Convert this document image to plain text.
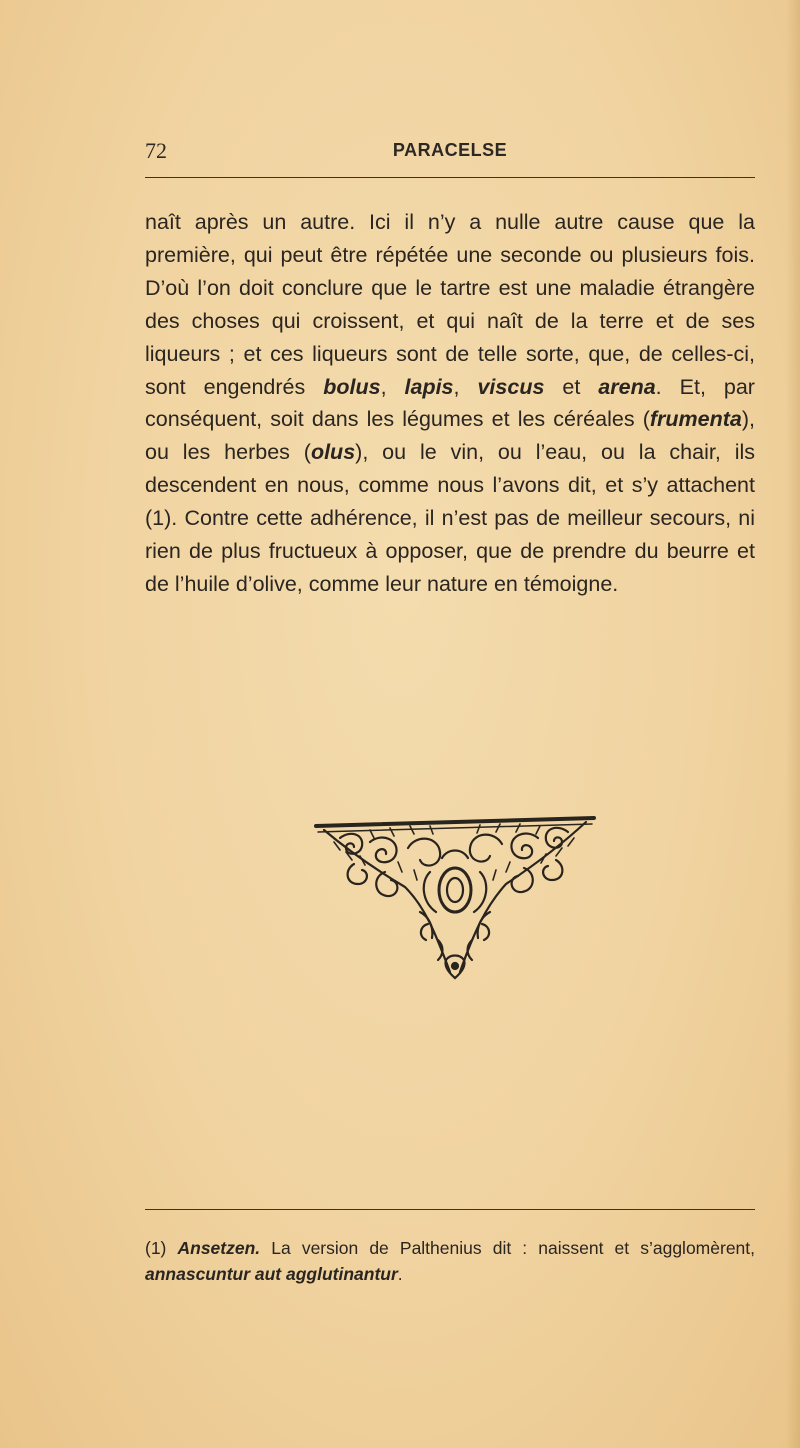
72	PARACELSE

naît après un autre. Ici il n’y a nulle autre cause que la première, qui peut être répétée une seconde ou plusieurs fois. D’où l’on doit conclure que le tartre est une maladie étrangère des choses qui croissent, et qui naît de la terre et de ses liqueurs ; et ces liqueurs sont de telle sorte, que, de celles-ci, sont engendrés bolus, lapis, viscus et arena. Et, par conséquent, soit dans les légumes et les céréales (frumenta), ou les herbes (olus), ou le vin, ou l’eau, ou la chair, ils descendent en nous, comme nous l’avons dit, et s’y attachent (1). Contre cette adhérence, il n’est pas de meilleur secours, ni rien de plus fructueux à opposer, que de prendre du beurre et de l’huile d’olive, comme leur nature en témoigne.

(1) Ansetzen. La version de Palthenius dit : naissent et s’agglomèrent, annascuntur aut agglutinantur.
